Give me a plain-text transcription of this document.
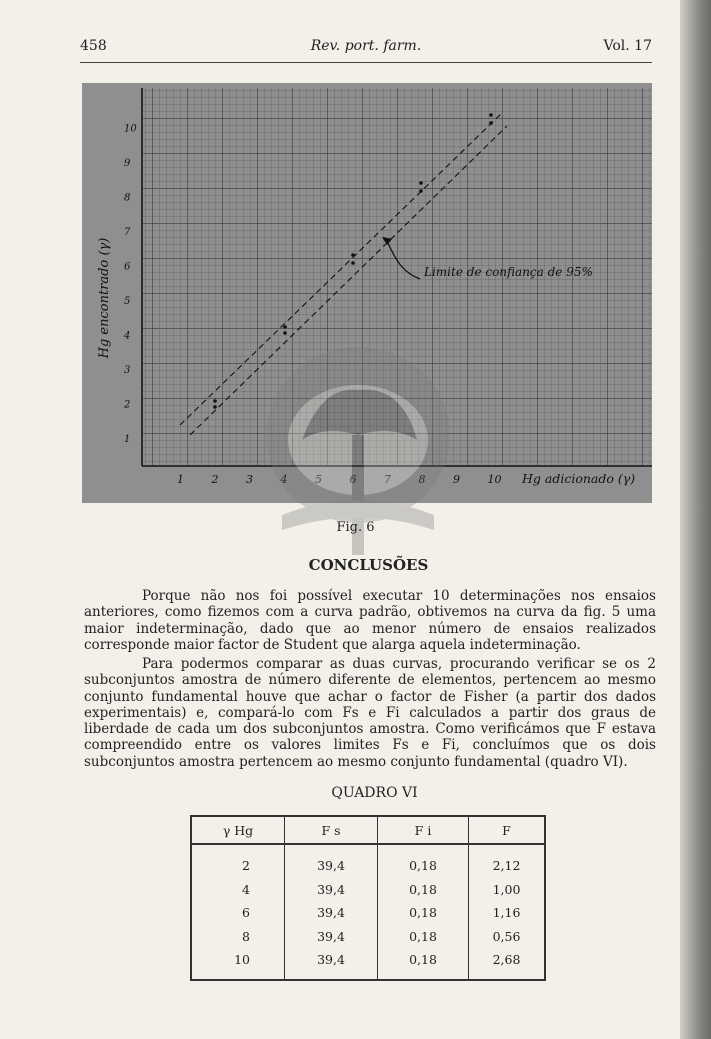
458	Rev. port. farm.	Vol. 17
1
2
3
4
5
6
7
8
9
10
1	2	3	4	5	6	7	8	9	10
Hg encontrado (γ)
Hg adicionado (γ)
Limite de confiança de 95%
Fig. 6
CONCLUSÕES

Porque não nos foi possível executar 10 determinações nos ensaios anteriores, como fizemos com a curva padrão, obtivemos na curva da fig. 5 uma maior indeterminação, dado que ao menor número de ensaios realizados corresponde maior factor de Student que alarga aquela indeterminação.

Para podermos comparar as duas curvas, procurando verificar se os 2 subconjuntos amostra de número diferente de elementos, pertencem ao mesmo conjunto fundamental houve que achar o factor de Fisher (a partir dos dados experimentais) e, compará-lo com Fs e Fi calculados a partir dos graus de liberdade de cada um dos subconjuntos amostra. Como verificámos que F estava compreendido entre os valores limites Fs e Fi, concluímos que os dois subconjuntos amostra pertencem ao mesmo conjunto fundamental (quadro VI).

QUADRO VI
γ Hg	F s	F i	F
2	39,4	0,18	2,12
4	39,4	0,18	1,00
6	39,4	0,18	1,16
8	39,4	0,18	0,56
10	39,4	0,18	2,68
